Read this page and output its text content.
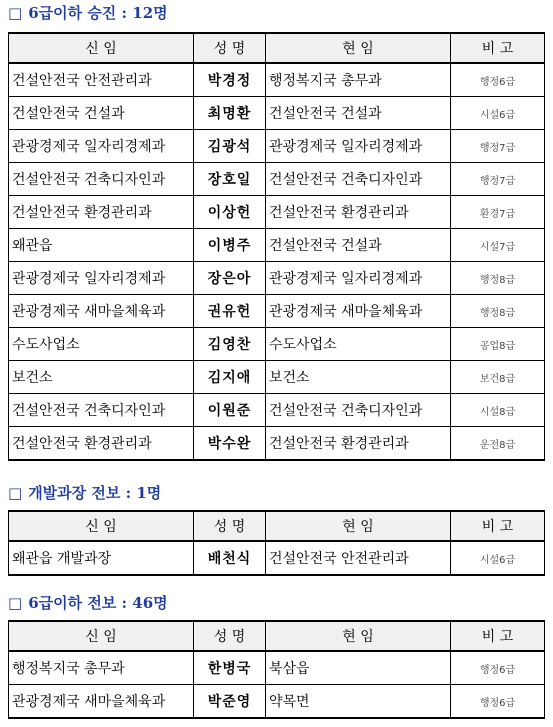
□ 6급이하 승진 : 12명
신 임	성 명	현 임	비 고
건설안전국 안전관리과	박경정	행정복지국 총무과	행정6급
건설안전국 건설과	최명환	건설안전국 건설과	시설6급
관광경제국 일자리경제과	김광석	관광경제국 일자리경제과	행정7급
건설안전국 건축디자인과	장호일	건설안전국 건축디자인과	행정7급
건설안전국 환경관리과	이상헌	건설안전국 환경관리과	환경7급
왜관읍	이병주	건설안전국 건설과	시설7급
관광경제국 일자리경제과	장은아	관광경제국 일자리경제과	행정8급
관광경제국 새마을체육과	권유헌	관광경제국 새마을체육과	행정8급
수도사업소	김영찬	수도사업소	공업8급
보건소	김지애	보건소	보건8급
건설안전국 건축디자인과	이원준	건설안전국 건축디자인과	시설8급
건설안전국 환경관리과	박수완	건설안전국 환경관리과	운전8급
□ 개발과장 전보 : 1명
신 임	성 명	현 임	비 고
왜관읍 개발과장	배천식	건설안전국 안전관리과	시설6급
□ 6급이하 전보 : 46명
신 임	성 명	현 임	비 고
행정복지국 총무과	한병국	북삼읍	행정6급
관광경제국 새마을체육과	박준영	약목면	행정6급
